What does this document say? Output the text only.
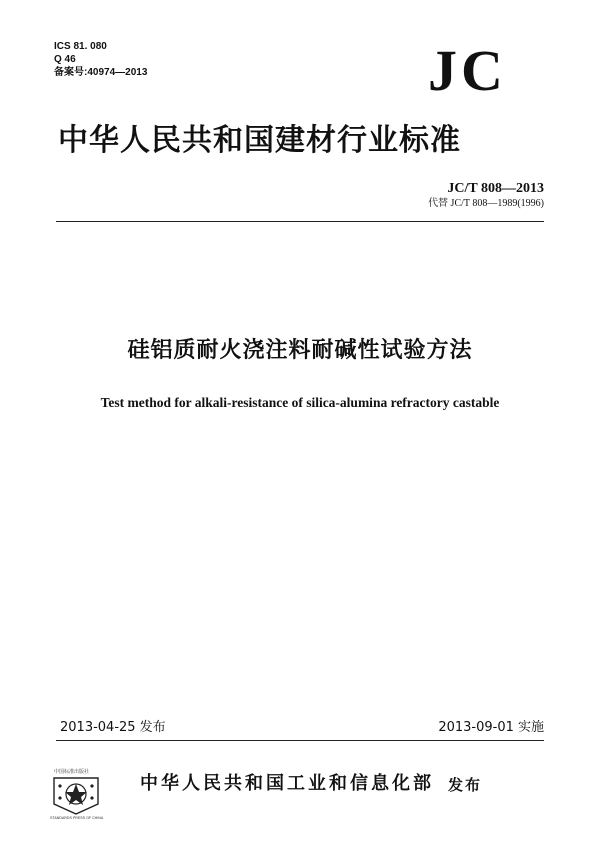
ICS 81. 080
Q 46
备案号:40974—2013	JC
中华人民共和国建材行业标准
JC/T 808—2013
代替 JC/T 808—1989(1996)
硅铝质耐火浇注料耐碱性试验方法
Test method for alkali-resistance of silica-alumina refractory castable
2013-04-25 发布	2013-09-01 实施
中国标准出版社
STANDARDS PRESS OF CHINA
中华人民共和国工业和信息化部 发布
